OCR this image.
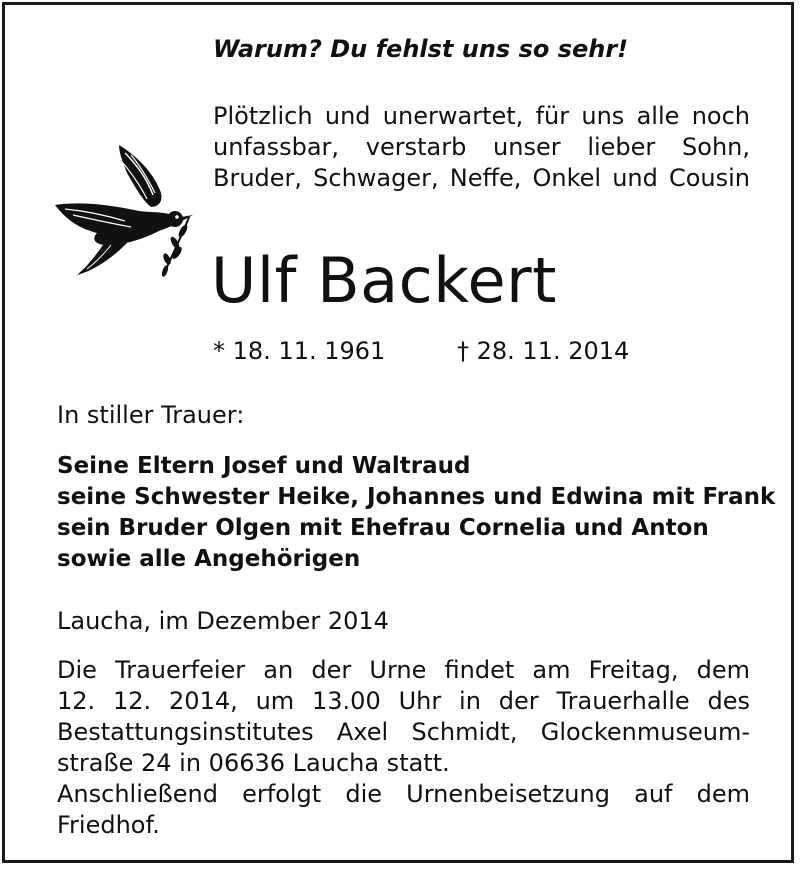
Warum? Du fehlst uns so sehr!
Plötzlich und unerwartet, für uns alle noch
unfassbar, verstarb unser lieber Sohn,
Bruder, Schwager, Neffe, Onkel und Cousin
Ulf Backert
* 18. 11. 1961	† 28. 11. 2014
In stiller Trauer:
Seine Eltern Josef und Waltraud
seine Schwester Heike, Johannes und Edwina mit Frank
sein Bruder Olgen mit Ehefrau Cornelia und Anton
sowie alle Angehörigen
Laucha, im Dezember 2014
Die Trauerfeier an der Urne findet am Freitag, dem
12. 12. 2014, um 13.00 Uhr in der Trauerhalle des
Bestattungsinstitutes Axel Schmidt, Glockenmuseum-
straße 24 in 06636 Laucha statt.
Anschließend erfolgt die Urnenbeisetzung auf dem
Friedhof.
